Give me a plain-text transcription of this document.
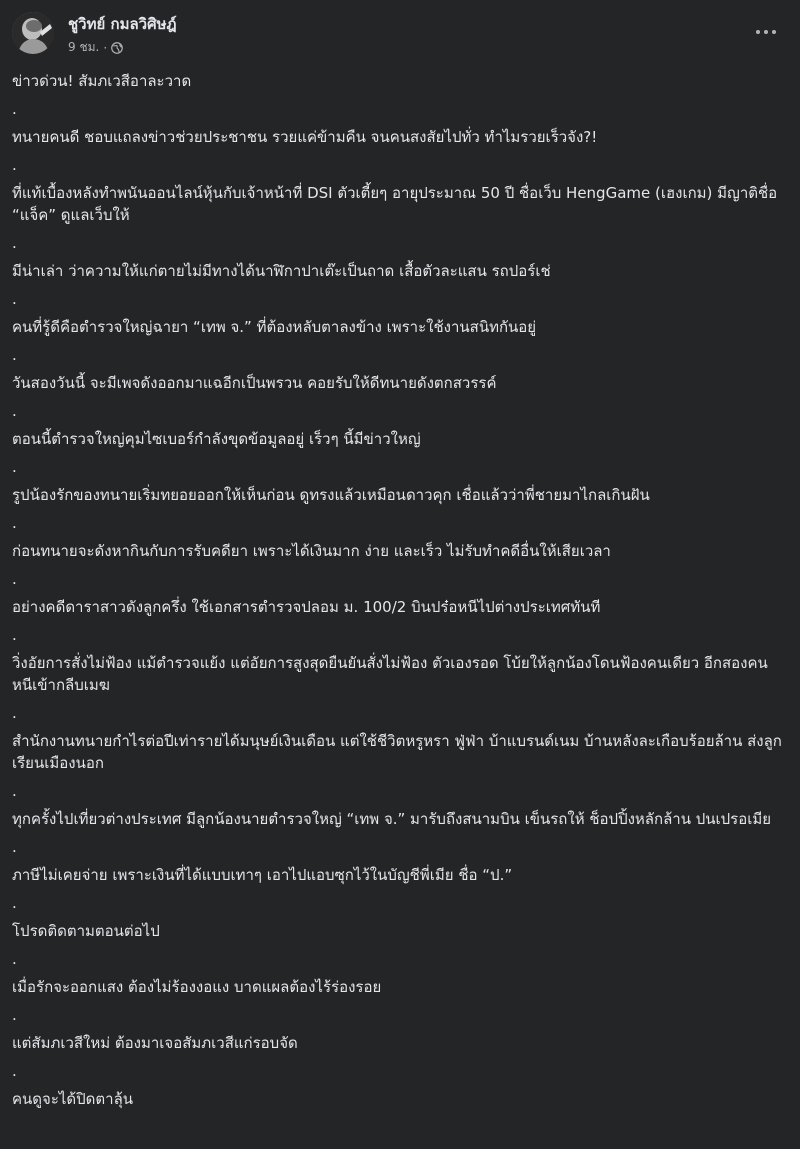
ชูวิทย์ กมลวิศิษฎ์
9 ชม. ·

ข่าวด่วน! สัมภเวสีอาละวาด

.

ทนายคนดี ชอบแถลงข่าวช่วยประชาชน รวยแค่ข้ามคืน จนคนสงสัยไปทั่ว ทำไมรวยเร็วจัง?!

.

ที่แท้เบื้องหลังทำพนันออนไลน์หุ้นกับเจ้าหน้าที่ DSI ตัวเตี้ยๆ อายุประมาณ 50 ปี ชื่อเว็บ HengGame (เฮงเกม) มีญาติชื่อ “แจ็ค” ดูแลเว็บให้

.

มีน่าเล่า ว่าความให้แก่ตายไม่มีทางได้นาฬิกาปาเต๊ะเป็นถาด เสื้อตัวละแสน รถปอร์เช่

.

คนที่รู้ดีคือตำรวจใหญ่ฉายา “เทพ จ.” ที่ต้องหลับตาลงข้าง เพราะใช้งานสนิทกันอยู่

.

วันสองวันนี้ จะมีเพจดังออกมาแฉอีกเป็นพรวน คอยรับให้ดีทนายดังตกสวรรค์

.

ตอนนี้ตำรวจใหญ่คุมไซเบอร์กำลังขุดข้อมูลอยู่ เร็วๆ นี้มีข่าวใหญ่

.

รูปน้องรักของทนายเริ่มทยอยออกให้เห็นก่อน ดูทรงแล้วเหมือนดาวคุก เชื่อแล้วว่าพี่ชายมาไกลเกินฝัน

.

ก่อนทนายจะดังหากินกับการรับคดียา เพราะได้เงินมาก ง่าย และเร็ว ไม่รับทำคดีอื่นให้เสียเวลา

.

อย่างคดีดาราสาวดังลูกครึ่ง ใช้เอกสารตำรวจปลอม ม. 100/2 บินปร๋อหนีไปต่างประเทศทันที

.

วิ่งอัยการสั่งไม่ฟ้อง แม้ตำรวจแย้ง แต่อัยการสูงสุดยืนยันสั่งไม่ฟ้อง ตัวเองรอด โบ้ยให้ลูกน้องโดนฟ้องคนเดียว อีกสองคนหนีเข้ากลีบเมฆ

.

สำนักงานทนายกำไรต่อปีเท่ารายได้มนุษย์เงินเดือน แต่ใช้ชีวิตหรูหรา ฟู่ฟ่า บ้าแบรนด์เนม บ้านหลังละเกือบร้อยล้าน ส่งลูกเรียนเมืองนอก

.

ทุกครั้งไปเที่ยวต่างประเทศ มีลูกน้องนายตำรวจใหญ่ “เทพ จ.” มารับถึงสนามบิน เข็นรถให้ ช็อปปิ้งหลักล้าน ปนเปรอเมีย

.

ภาษีไม่เคยจ่าย เพราะเงินที่ได้แบบเทาๆ เอาไปแอบซุกไว้ในบัญชีพี่เมีย ชื่อ “ป.”

.

โปรดติดตามตอนต่อไป

.

เมื่อรักจะออกแสง ต้องไม่ร้องงอแง บาดแผลต้องไร้ร่องรอย

.

แต่สัมภเวสีใหม่ ต้องมาเจอสัมภเวสีแก่รอบจัด

.

คนดูจะได้ปิดตาลุ้น
